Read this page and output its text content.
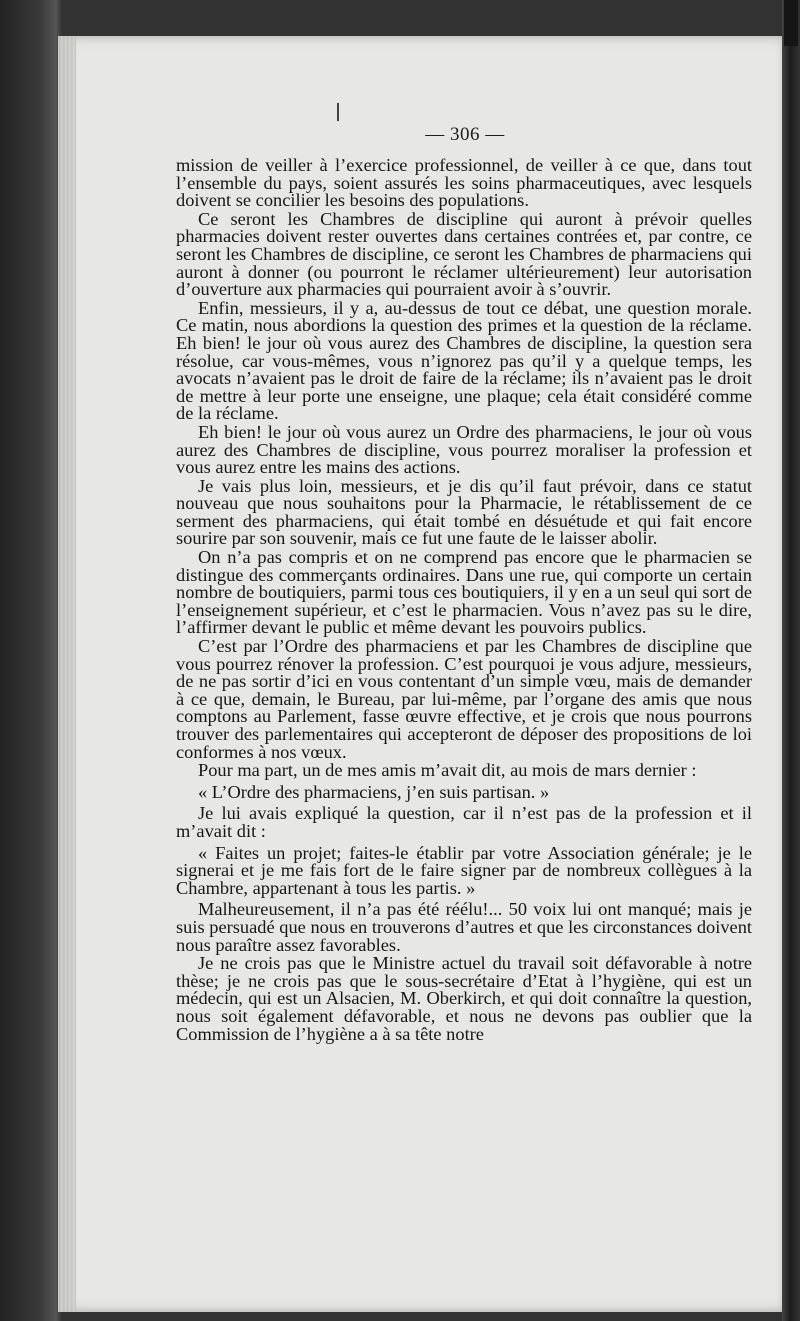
— 306 —

mission de veiller à l’exercice professionnel, de veiller à ce que, dans tout l’ensemble du pays, soient assurés les soins pharmaceutiques, avec lesquels doivent se concilier les besoins des populations.

Ce seront les Chambres de discipline qui auront à prévoir quelles pharmacies doivent rester ouvertes dans certaines contrées et, par contre, ce seront les Chambres de discipline, ce seront les Chambres de pharmaciens qui auront à donner (ou pourront le réclamer ultérieurement) leur autorisation d’ouverture aux pharmacies qui pourraient avoir à s’ouvrir.

Enfin, messieurs, il y a, au-dessus de tout ce débat, une question morale. Ce matin, nous abordions la question des primes et la question de la réclame. Eh bien! le jour où vous aurez des Chambres de discipline, la question sera résolue, car vous-mêmes, vous n’ignorez pas qu’il y a quelque temps, les avocats n’avaient pas le droit de faire de la réclame; ils n’avaient pas le droit de mettre à leur porte une enseigne, une plaque; cela était considéré comme de la réclame.

Eh bien! le jour où vous aurez un Ordre des pharmaciens, le jour où vous aurez des Chambres de discipline, vous pourrez moraliser la profession et vous aurez entre les mains des actions.

Je vais plus loin, messieurs, et je dis qu’il faut prévoir, dans ce statut nouveau que nous souhaitons pour la Pharmacie, le rétablissement de ce serment des pharmaciens, qui était tombé en désuétude et qui fait encore sourire par son souvenir, mais ce fut une faute de le laisser abolir.

On n’a pas compris et on ne comprend pas encore que le pharmacien se distingue des commerçants ordinaires. Dans une rue, qui comporte un certain nombre de boutiquiers, parmi tous ces boutiquiers, il y en a un seul qui sort de l’enseignement supérieur, et c’est le pharmacien. Vous n’avez pas su le dire, l’affirmer devant le public et même devant les pouvoirs publics.

C’est par l’Ordre des pharmaciens et par les Chambres de discipline que vous pourrez rénover la profession. C’est pourquoi je vous adjure, messieurs, de ne pas sortir d’ici en vous contentant d’un simple vœu, mais de demander à ce que, demain, le Bureau, par lui-même, par l’organe des amis que nous comptons au Parlement, fasse œuvre effective, et je crois que nous pourrons trouver des parlementaires qui accepteront de déposer des propositions de loi conformes à nos vœux.

Pour ma part, un de mes amis m’avait dit, au mois de mars dernier :

« L’Ordre des pharmaciens, j’en suis partisan. »

Je lui avais expliqué la question, car il n’est pas de la profession et il m’avait dit :

« Faites un projet; faites-le établir par votre Association générale; je le signerai et je me fais fort de le faire signer par de nombreux collègues à la Chambre, appartenant à tous les partis. »

Malheureusement, il n’a pas été réélu!... 50 voix lui ont manqué; mais je suis persuadé que nous en trouverons d’autres et que les circonstances doivent nous paraître assez favorables.

Je ne crois pas que le Ministre actuel du travail soit défavorable à notre thèse; je ne crois pas que le sous-secrétaire d’Etat à l’hygiène, qui est un médecin, qui est un Alsacien, M. Oberkirch, et qui doit connaître la question, nous soit également défavorable, et nous ne devons pas oublier que la Commission de l’hygiène a à sa tête notre
